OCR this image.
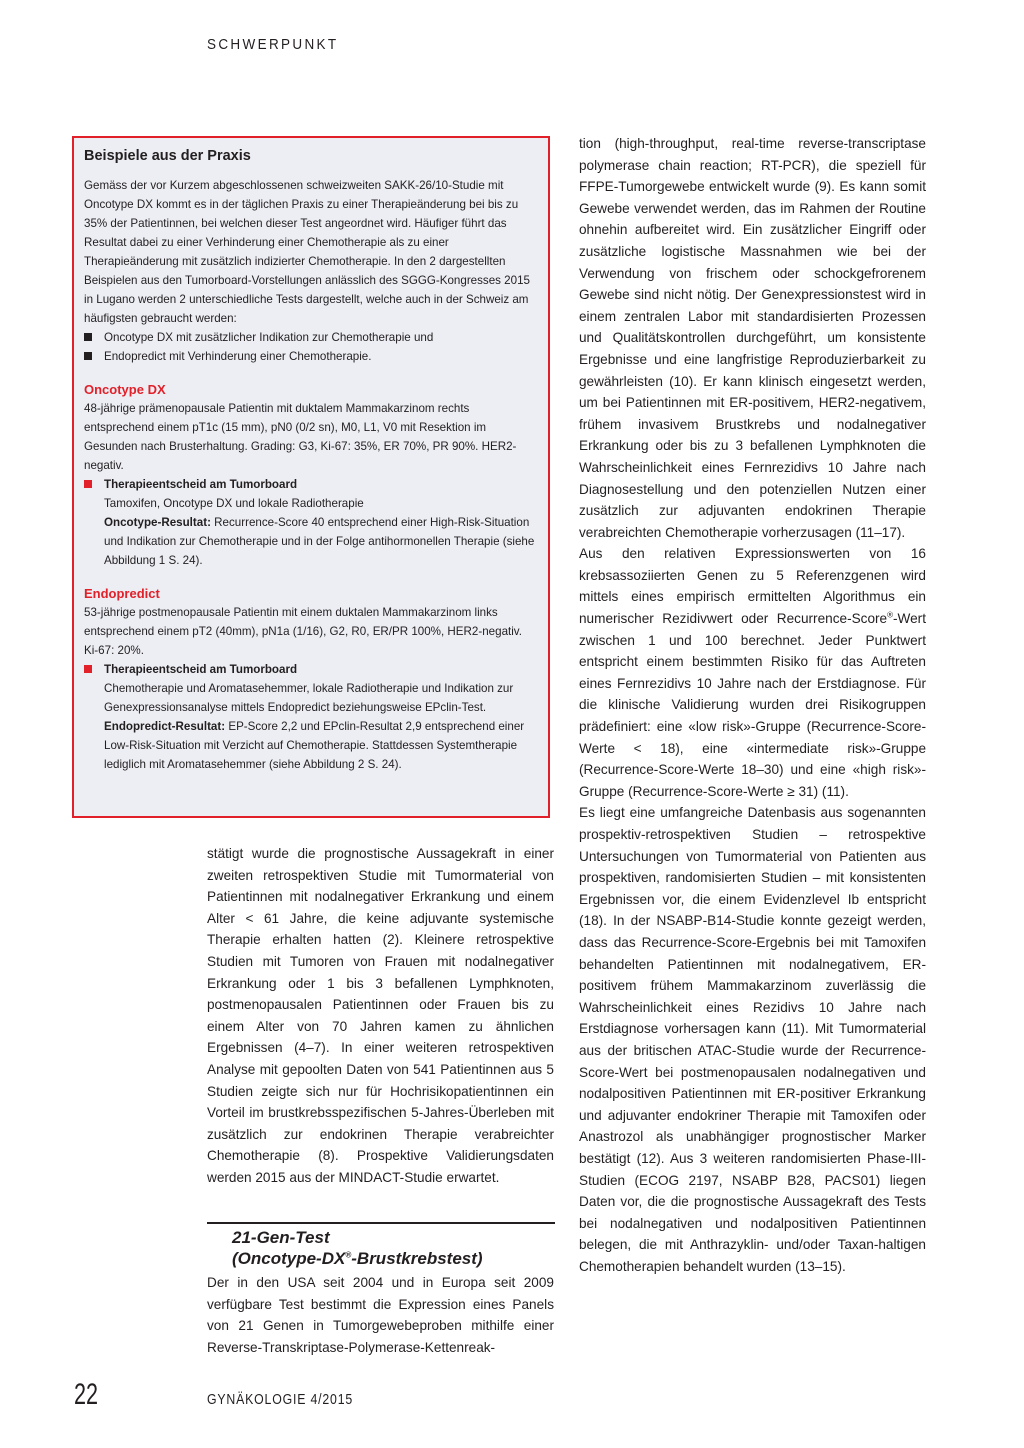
SCHWERPUNKT
Beispiele aus der Praxis

Gemäss der vor Kurzem abgeschlossenen schweizweiten SAKK-26/10-Studie mit Oncotype DX kommt es in der täglichen Praxis zu einer Therapieänderung bei bis zu 35% der Patientinnen, bei welchen dieser Test angeordnet wird. Häufiger führt das Resultat dabei zu einer Verhinderung einer Chemotherapie als zu einer Therapieänderung mit zusätzlich indizierter Chemotherapie. In den 2 dargestellten Beispielen aus den Tumorboard-Vorstellungen anlässlich des SGGG-Kongresses 2015 in Lugano werden 2 unterschiedliche Tests dargestellt, welche auch in der Schweiz am häufigsten gebraucht werden:

Oncotype DX mit zusätzlicher Indikation zur Chemotherapie und
Endopredict mit Verhinderung einer Chemotherapie.
Oncotype DX

48-jährige prämenopausale Patientin mit duktalem Mammakarzinom rechts entsprechend einem pT1c (15 mm), pN0 (0/2 sn), M0, L1, V0 mit Resektion im Gesunden nach Brusterhaltung. Grading: G3, Ki-67: 35%, ER 70%, PR 90%. HER2-negativ.

Therapieentscheid am Tumorboard
Tamoxifen, Oncotype DX und lokale Radiotherapie
Oncotype-Resultat: Recurrence-Score 40 entsprechend einer High-Risk-Situation und Indikation zur Chemotherapie und in der Folge antihormonellen Therapie (siehe Abbildung 1 S. 24).
Endopredict

53-jährige postmenopausale Patientin mit einem duktalen Mammakarzinom links entsprechend einem pT2 (40mm), pN1a (1/16), G2, R0, ER/PR 100%, HER2-negativ. Ki-67: 20%.

Therapieentscheid am Tumorboard
Chemotherapie und Aromatasehemmer, lokale Radiotherapie und Indikation zur Genexpressionsanalyse mittels Endopredict beziehungsweise EPclin-Test.
Endopredict-Resultat: EP-Score 2,2 und EPclin-Resultat 2,9 entsprechend einer Low-Risk-Situation mit Verzicht auf Chemotherapie. Stattdessen Systemtherapie lediglich mit Aromatasehemmer (siehe Abbildung 2 S. 24).

stätigt wurde die prognostische Aussagekraft in einer zweiten retrospektiven Studie mit Tumormaterial von Patientinnen mit nodalnegativer Erkrankung und einem Alter < 61 Jahre, die keine adjuvante systemische Therapie erhalten hatten (2). Kleinere retrospektive Studien mit Tumoren von Frauen mit nodalnegativer Erkrankung oder 1 bis 3 befallenen Lymphknoten, postmenopausalen Patientinnen oder Frauen bis zu einem Alter von 70 Jahren kamen zu ähnlichen Ergebnissen (4–7). In einer weiteren retrospektiven Analyse mit gepoolten Daten von 541 Patientinnen aus 5 Studien zeigte sich nur für Hochrisikopatientinnen ein Vorteil im brustkrebsspezifischen 5-Jahres-Überleben mit zusätzlich zur endokrinen Therapie verabreichter Chemotherapie (8). Prospektive Validierungsdaten werden 2015 aus der MINDACT-Studie erwartet.

21-Gen-Test
(Oncotype-DX®-Brustkrebstest)

Der in den USA seit 2004 und in Europa seit 2009 verfügbare Test bestimmt die Expression eines Panels von 21 Genen in Tumorgewebeproben mithilfe einer Reverse-Transkriptase-Polymerase-Kettenreak-

tion (high-throughput, real-time reverse-transcriptase polymerase chain reaction; RT-PCR), die speziell für FFPE-Tumorgewebe entwickelt wurde (9). Es kann somit Gewebe verwendet werden, das im Rahmen der Routine ohnehin aufbereitet wird. Ein zusätzlicher Eingriff oder zusätzliche logistische Massnahmen wie bei der Verwendung von frischem oder schockgefrorenem Gewebe sind nicht nötig. Der Genexpressionstest wird in einem zentralen Labor mit standardisierten Prozessen und Qualitätskontrollen durchgeführt, um konsistente Ergebnisse und eine langfristige Reproduzierbarkeit zu gewährleisten (10). Er kann klinisch eingesetzt werden, um bei Patientinnen mit ER-positivem, HER2-negativem, frühem invasivem Brustkrebs und nodalnegativer Erkrankung oder bis zu 3 befallenen Lymphknoten die Wahrscheinlichkeit eines Fernrezidivs 10 Jahre nach Diagnosestellung und den potenziellen Nutzen einer zusätzlich zur adjuvanten endokrinen Therapie verabreichten Chemotherapie vorherzusagen (11–17).

Aus den relativen Expressionswerten von 16 krebsassoziierten Genen zu 5 Referenzgenen wird mittels eines empirisch ermittelten Algorithmus ein numerischer Rezidivwert oder Recurrence-Score®-Wert zwischen 1 und 100 berechnet. Jeder Punktwert entspricht einem bestimmten Risiko für das Auftreten eines Fernrezidivs 10 Jahre nach der Erstdiagnose. Für die klinische Validierung wurden drei Risikogruppen prädefiniert: eine «low risk»-Gruppe (Recurrence-Score-Werte < 18), eine «intermediate risk»-Gruppe (Recurrence-Score-Werte 18–30) und eine «high risk»-Gruppe (Recurrence-Score-Werte ≥ 31) (11).

Es liegt eine umfangreiche Datenbasis aus sogenannten prospektiv-retrospektiven Studien – retrospektive Untersuchungen von Tumormaterial von Patienten aus prospektiven, randomisierten Studien – mit konsistenten Ergebnissen vor, die einem Evidenzlevel Ib entspricht (18). In der NSABP-B14-Studie konnte gezeigt werden, dass das Recurrence-Score-Ergebnis bei mit Tamoxifen behandelten Patientinnen mit nodalnegativem, ER-positivem frühem Mammakarzinom zuverlässig die Wahrscheinlichkeit eines Rezidivs 10 Jahre nach Erstdiagnose vorhersagen kann (11). Mit Tumormaterial aus der britischen ATAC-Studie wurde der Recurrence-Score-Wert bei postmenopausalen nodalnegativen und nodalpositiven Patientinnen mit ER-positiver Erkrankung und adjuvanter endokriner Therapie mit Tamoxifen oder Anastrozol als unabhängiger prognostischer Marker bestätigt (12). Aus 3 weiteren randomisierten Phase-III-Studien (ECOG 2197, NSABP B28, PACS01) liegen Daten vor, die die prognostische Aussagekraft des Tests bei nodalnegativen und nodalpositiven Patientinnen belegen, die mit Anthrazyklin- und/oder Taxan-haltigen Chemotherapien behandelt wurden (13–15).

22	GYNÄKOLOGIE 4/2015
